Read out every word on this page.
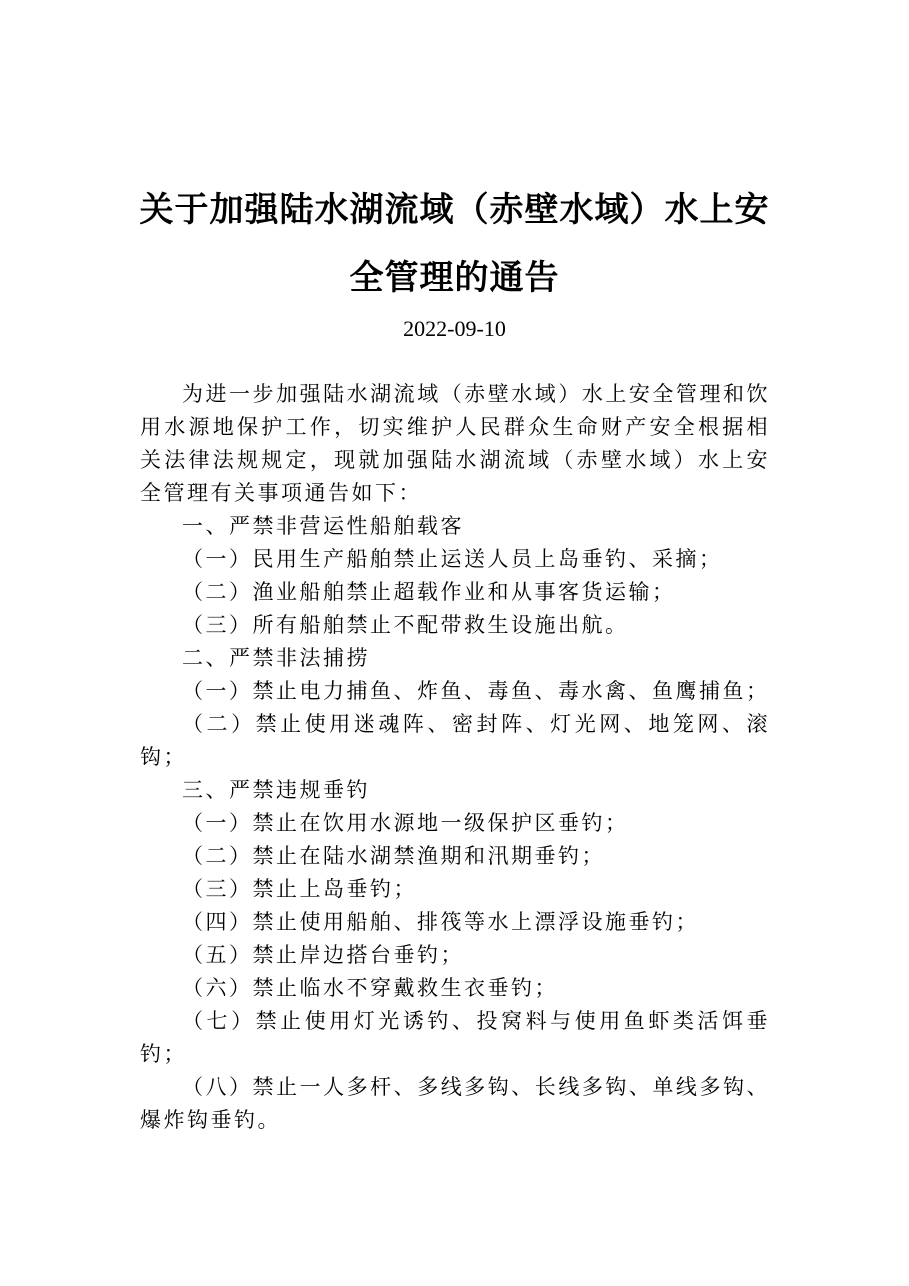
关于加强陆水湖流域（赤壁水域）水上安
全管理的通告
2022-09-10

为进一步加强陆水湖流域（赤壁水域）水上安全管理和饮用水源地保护工作，切实维护人民群众生命财产安全根据相关法律法规规定，现就加强陆水湖流域（赤壁水域）水上安全管理有关事项通告如下：

一、严禁非营运性船舶载客

（一）民用生产船舶禁止运送人员上岛垂钓、采摘；

（二）渔业船舶禁止超载作业和从事客货运输；

（三）所有船舶禁止不配带救生设施出航。

二、严禁非法捕捞

（一）禁止电力捕鱼、炸鱼、毒鱼、毒水禽、鱼鹰捕鱼；

（二）禁止使用迷魂阵、密封阵、灯光网、地笼网、滚钩；

三、严禁违规垂钓

（一）禁止在饮用水源地一级保护区垂钓；

（二）禁止在陆水湖禁渔期和汛期垂钓；

（三）禁止上岛垂钓；

（四）禁止使用船舶、排筏等水上漂浮设施垂钓；

（五）禁止岸边搭台垂钓；

（六）禁止临水不穿戴救生衣垂钓；

（七）禁止使用灯光诱钓、投窝料与使用鱼虾类活饵垂钓；

（八）禁止一人多杆、多线多钩、长线多钩、单线多钩、爆炸钩垂钓。
